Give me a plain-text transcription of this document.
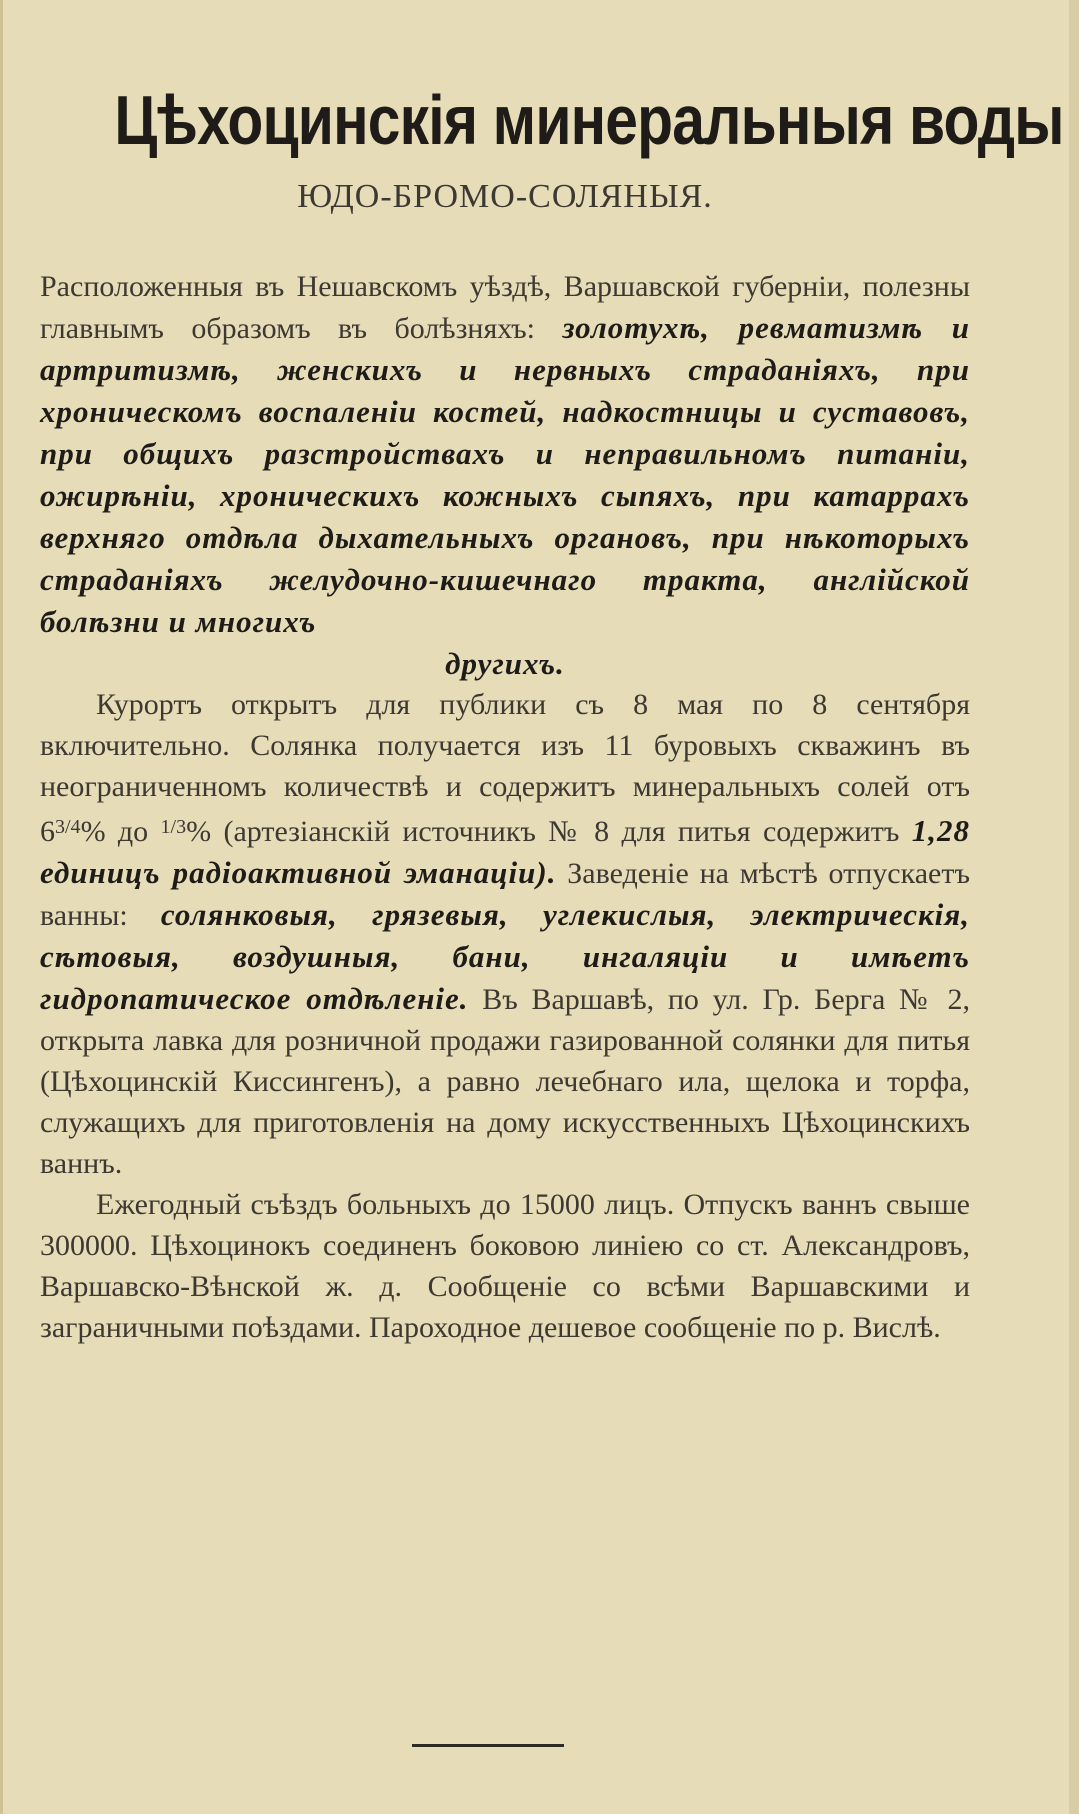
Цѣхоцинскія минеральныя воды
ЮДО-БРОМО-СОЛЯНЫЯ.

Расположенныя въ Нешавскомъ уѣздѣ, Варшавской губерніи, полезны главнымъ образомъ въ болѣзняхъ: золотухѣ, ревматизмѣ и артритизмѣ, женскихъ и нервныхъ страданіяхъ, при хроническомъ воспаленіи костей, надкостницы и суставовъ, при общихъ разстройствахъ и неправильномъ питаніи, ожирѣніи, хроническихъ кожныхъ сыпяхъ, при катаррахъ верхняго отдѣла дыхательныхъ органовъ, при нѣкоторыхъ страданіяхъ желудочно-кишечнаго тракта, англійской болѣзни и многихъ
другихъ.

Курортъ открытъ для публики съ 8 мая по 8 сентября включительно. Солянка получается изъ 11 буровыхъ скважинъ въ неограниченномъ количествѣ и содержитъ минеральныхъ солей отъ $6^{3/4}\%$ до $^{1/3}$% (артезіанскій источникъ № 8 для питья содержитъ 1,28 единицъ радіоактивной эманаціи). Заведеніе на мѣстѣ отпускаетъ ванны: солянковыя, грязевыя, углекислыя, электрическія, сѣтовыя, воздушныя, бани, ингаляціи и имѣетъ гидропатическое отдѣленіе. Въ Варшавѣ, по ул. Гр. Берга № 2, открыта лавка для розничной продажи газированной солянки для питья (Цѣхоцинскій Киссингенъ), а равно лечебнаго ила, щелока и торфа, служащихъ для приготовленія на дому искусственныхъ Цѣхоцинскихъ ваннъ.

Ежегодный съѣздъ больныхъ до 15000 лицъ. Отпускъ ваннъ свыше 300000. Цѣхоцинокъ соединенъ боковою линіею со ст. Александровъ, Варшавско-Вѣнской ж. д. Сообщеніе со всѣми Варшавскими и заграничными поѣздами. Пароходное дешевое сообщеніе по р. Вислѣ.
